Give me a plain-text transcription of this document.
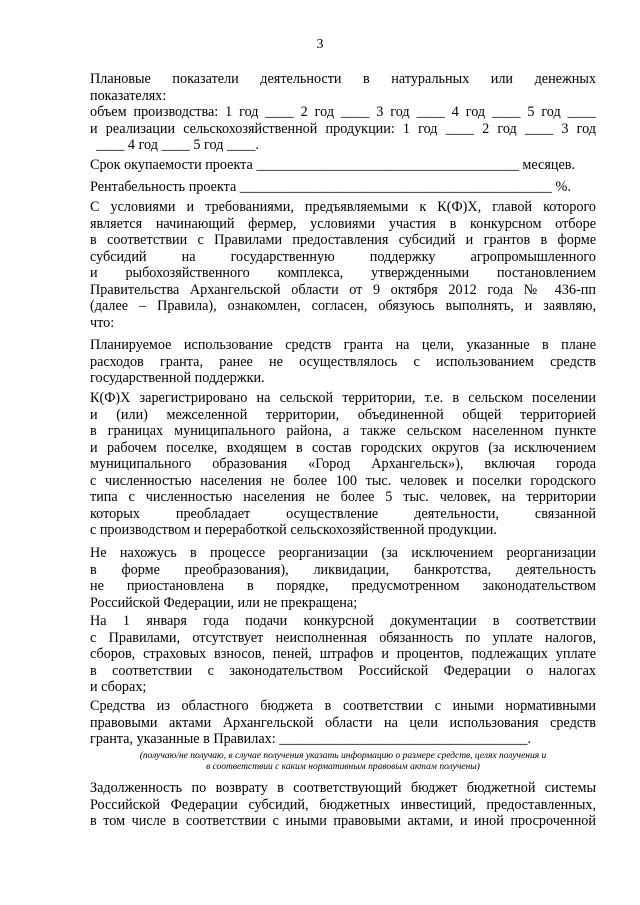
3
Плановые показатели деятельности в натуральных или денежных
показателях:
объем производства: 1 год ____ 2 год ____ 3 год ____ 4 год ____ 5 год ____
и реализации сельскохозяйственной продукции: 1 год ____ 2 год ____ 3 год
____ 4 год ____ 5 год ____.
Срок окупаемости проекта _____________________________________ месяцев.
Рентабельность проекта ____________________________________________ %.
С условиями и требованиями, предъявляемыми к К(Ф)Х, главой которого
является начинающий фермер, условиями участия в конкурсном отборе
в соответствии с Правилами предоставления субсидий и грантов в форме
субсидий на государственную поддержку агропромышленного
и рыбохозяйственного комплекса, утвержденными постановлением
Правительства Архангельской области от 9 октября 2012 года № 436-пп
(далее – Правила), ознакомлен, согласен, обязуюсь выполнять, и заявляю,
что:
Планируемое использование средств гранта на цели, указанные в плане
расходов гранта, ранее не осуществлялось с использованием средств
государственной поддержки.
К(Ф)Х зарегистрировано на сельской территории, т.е. в сельском поселении
и (или) межселенной территории, объединенной общей территорией
в границах муниципального района, а также сельском населенном пункте
и рабочем поселке, входящем в состав городских округов (за исключением
муниципального образования «Город Архангельск»), включая города
с численностью населения не более 100 тыс. человек и поселки городского
типа с численностью населения не более 5 тыс. человек, на территории
которых преобладает осуществление деятельности, связанной
с производством и переработкой сельскохозяйственной продукции.
Не нахожусь в процессе реорганизации (за исключением реорганизации
в форме преобразования), ликвидации, банкротства, деятельность
не приостановлена в порядке, предусмотренном законодательством
Российской Федерации, или не прекращена;
На 1 января года подачи конкурсной документации в соответствии
с Правилами, отсутствует неисполненная обязанность по уплате налогов,
сборов, страховых взносов, пеней, штрафов и процентов, подлежащих уплате
в соответствии с законодательством Российской Федерации о налогах
и сборах;
Средства из областного бюджета в соответствии с иными нормативными
правовыми актами Архангельской области на цели использования средств
гранта, указанные в Правилах: ___________________________________.
(получаю/не получаю, в случае получения указать информацию о размере средств, целях получения и
в соответствии с каким нормативным правовым актам получены)
Задолженность по возврату в соответствующий бюджет бюджетной системы
Российской Федерации субсидий, бюджетных инвестиций, предоставленных,
в том числе в соответствии с иными правовыми актами, и иной просроченной
